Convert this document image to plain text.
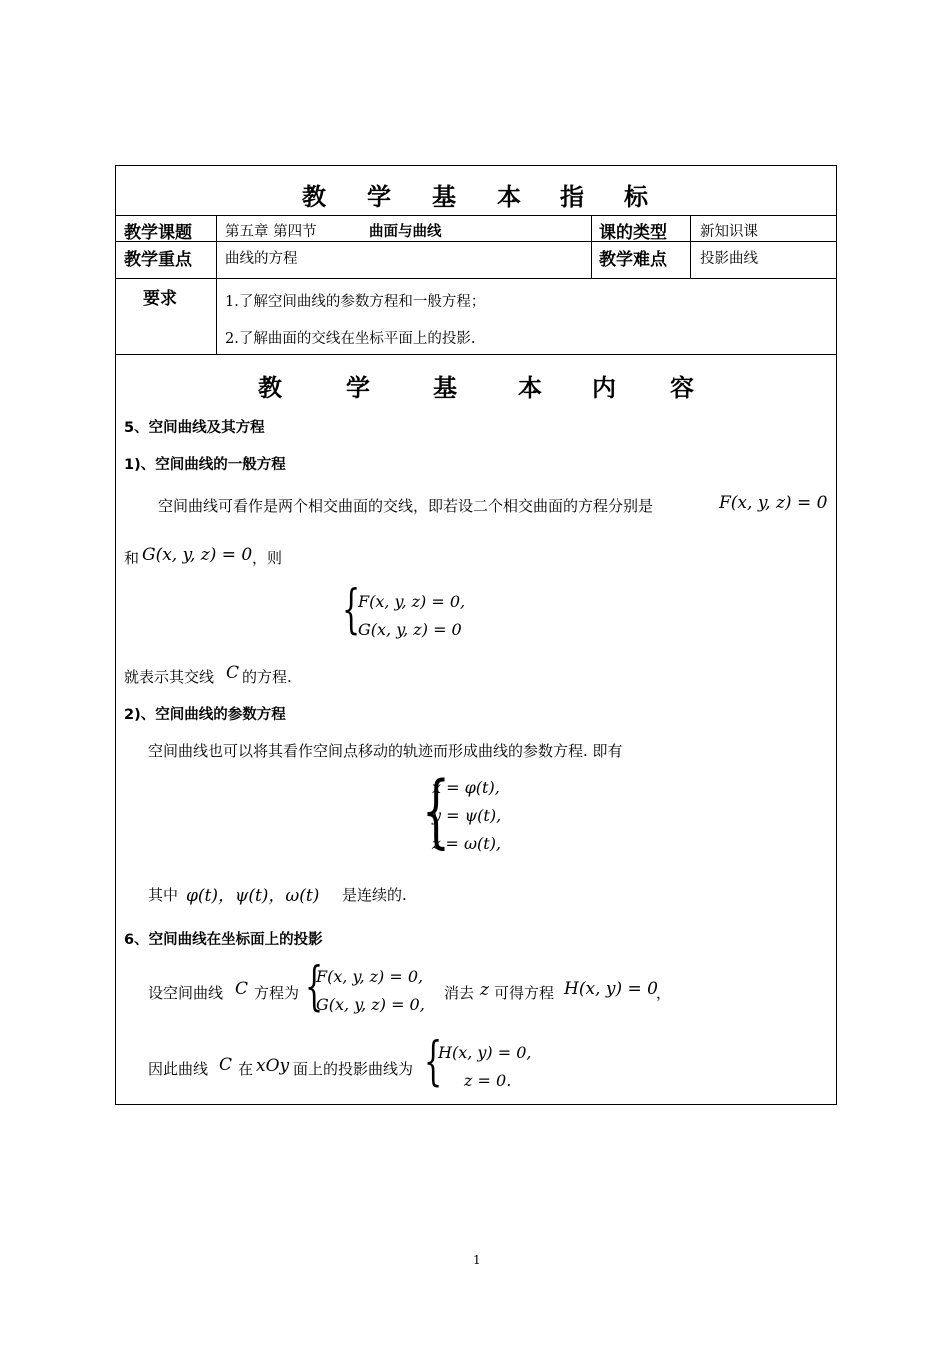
教 学 基 本 指 标
教学课题 第五章 第四节	曲面与曲线	课的类型 新知识课
教学重点 曲线的方程	教学难点 投影曲线
要求	1.了解空间曲线的参数方程和一般方程；
2.了解曲面的交线在坐标平面上的投影.
教	学	基	本 内 容
5、空间曲线及其方程
1)、空间曲线的一般方程
空间曲线可看作是两个相交曲面的交线，即若设二个相交曲面的方程分别是	F(x, y, z) = 0
和 G(x, y, z) = 0 ，则
{
F(x, y, z) = 0,
G(x, y, z) = 0
就表示其交线 C 的方程.
2)、空间曲线的参数方程
空间曲线也可以将其看作空间点移动的轨迹而形成曲线的参数方程. 即有
{
x = φ(t),
y = ψ(t),
z = ω(t),
其中 φ(t)，ψ(t)，ω(t) 是连续的.
6、空间曲线在坐标面上的投影
设空间曲线 C 方程为 {
F(x, y, z) = 0,
G(x, y, z) = 0,
消去 z 可得方程 H(x, y) = 0
，
因此曲线 C 在 xOy 面上的投影曲线为 {
H(x, y) = 0,
z = 0.
1
